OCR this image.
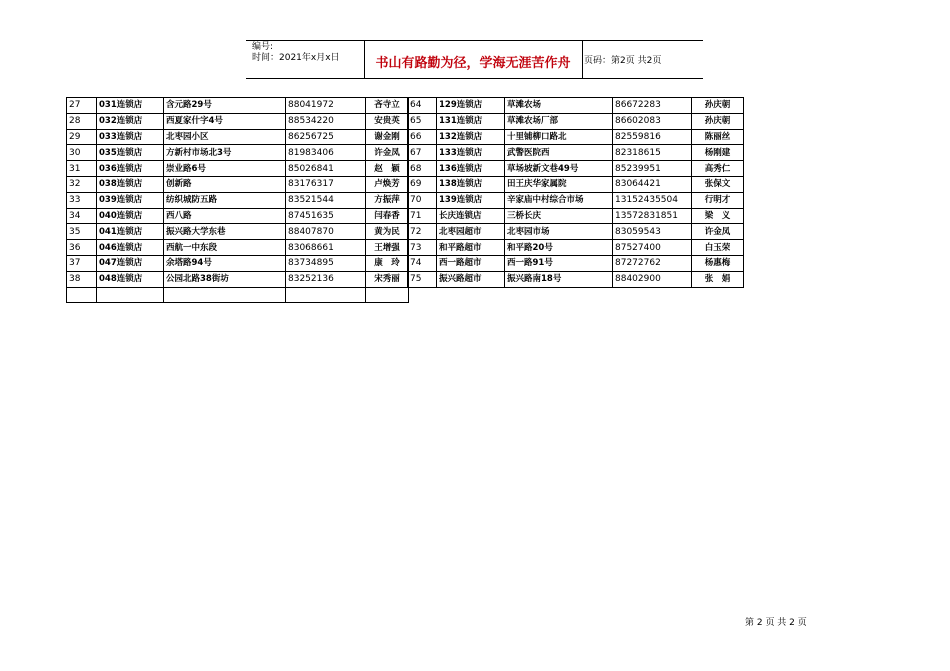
编号:
时间：2021年x月x日	书山有路勤为径，学海无涯苦作舟	页码：第2页 共2页
27	031连锁店	含元路29号	88041972	吝寺立
28	032连锁店	西夏家什字4号	88534220	安贵英
29	033连锁店	北枣园小区	86256725	谢金刚
30	035连锁店	方新村市场北3号	81983406	许金凤
31	036连锁店	崇业路6号	85026841	赵　颖
32	038连锁店	创新路	83176317	卢焕芳
33	039连锁店	纺织城防五路	83521544	方振萍
34	040连锁店	西八路	87451635	闫春香
35	041连锁店	振兴路大学东巷	88407870	黄为民
36	046连锁店	西航一中东段	83068661	王增强
37	047连锁店	余塔路94号	83734895	康　玲
38	048连锁店	公园北路38街坊	83252136	宋秀丽

64	129连锁店	草滩农场	86672283	孙庆朝
65	131连锁店	草滩农场厂部	86602083	孙庆朝
66	132连锁店	十里铺柳口路北	82559816	陈丽丝
67	133连锁店	武警医院西	82318615	杨刚建
68	136连锁店	草场坡新文巷49号	85239951	高秀仁
69	138连锁店	田王庆华家属院	83064421	张保文
70	139连锁店	辛家庙中村综合市场	13152435504	行明才
71	长庆连锁店	三桥长庆	13572831851	梁　义
72	北枣园超市	北枣园市场	83059543	许金凤
73	和平路超市	和平路20号	87527400	白玉荣
74	西一路超市	西一路91号	87272762	杨惠梅
75	振兴路超市	振兴路南18号	88402900	张　娟
第 2 页 共 2 页
